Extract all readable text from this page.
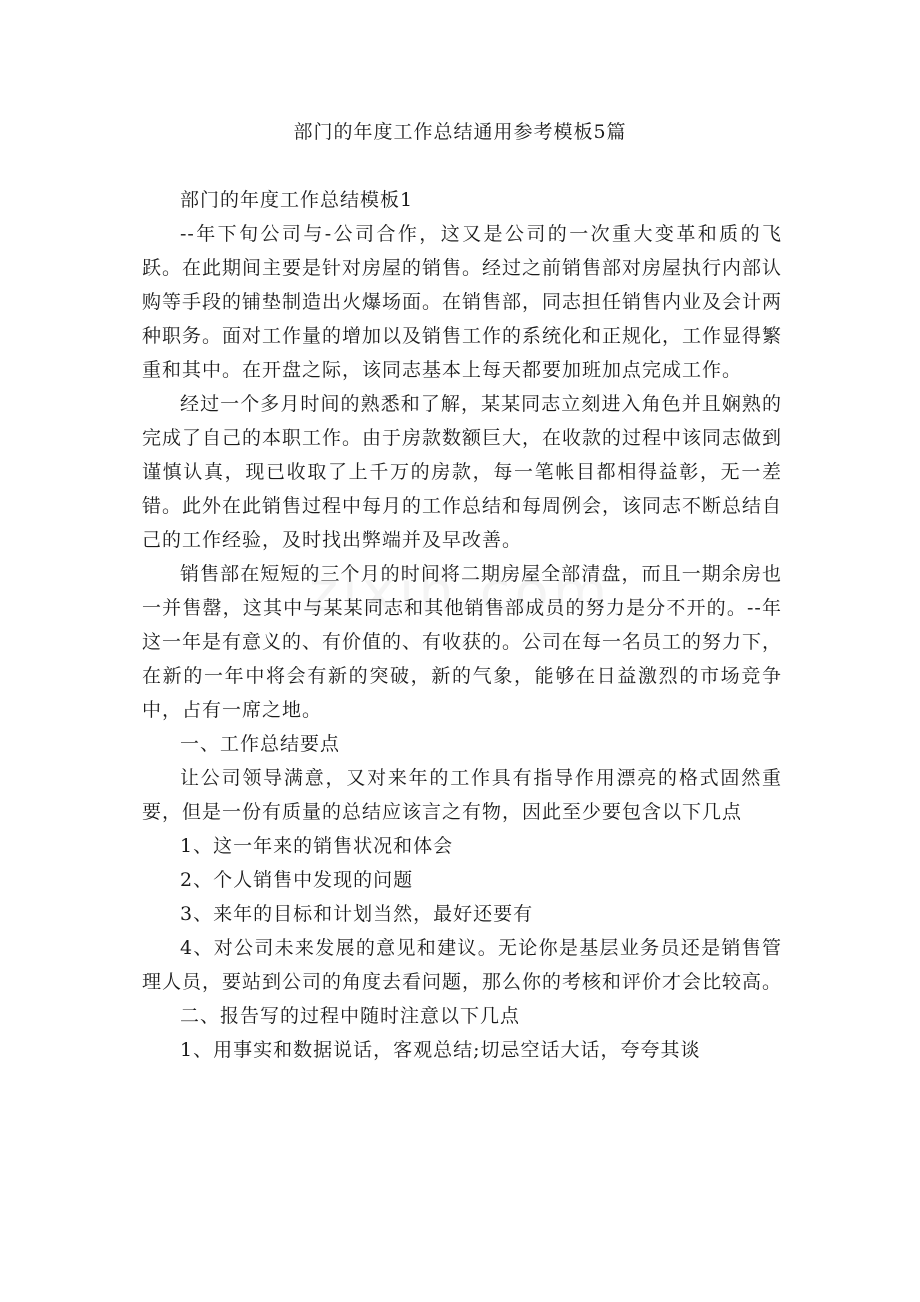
部门的年度工作总结通用参考模板5篇

部门的年度工作总结模板1

--年下旬公司与-公司合作，这又是公司的一次重大变革和质的飞跃。在此期间主要是针对房屋的销售。经过之前销售部对房屋执行内部认购等手段的铺垫制造出火爆场面。在销售部，同志担任销售内业及会计两种职务。面对工作量的增加以及销售工作的系统化和正规化，工作显得繁重和其中。在开盘之际，该同志基本上每天都要加班加点完成工作。

经过一个多月时间的熟悉和了解，某某同志立刻进入角色并且娴熟的完成了自己的本职工作。由于房款数额巨大，在收款的过程中该同志做到谨慎认真，现已收取了上千万的房款，每一笔帐目都相得益彰，无一差错。此外在此销售过程中每月的工作总结和每周例会，该同志不断总结自己的工作经验，及时找出弊端并及早改善。

销售部在短短的三个月的时间将二期房屋全部清盘，而且一期余房也一并售罄，这其中与某某同志和其他销售部成员的努力是分不开的。--年这一年是有意义的、有价值的、有收获的。公司在每一名员工的努力下，在新的一年中将会有新的突破，新的气象，能够在日益激烈的市场竞争中，占有一席之地。

一、工作总结要点

让公司领导满意，又对来年的工作具有指导作用漂亮的格式固然重要，但是一份有质量的总结应该言之有物，因此至少要包含以下几点

1、这一年来的销售状况和体会

2、个人销售中发现的问题

3、来年的目标和计划当然，最好还要有

4、对公司未来发展的意见和建议。无论你是基层业务员还是销售管理人员，要站到公司的角度去看问题，那么你的考核和评价才会比较高。

二、报告写的过程中随时注意以下几点

1、用事实和数据说话，客观总结;切忌空话大话，夸夸其谈
